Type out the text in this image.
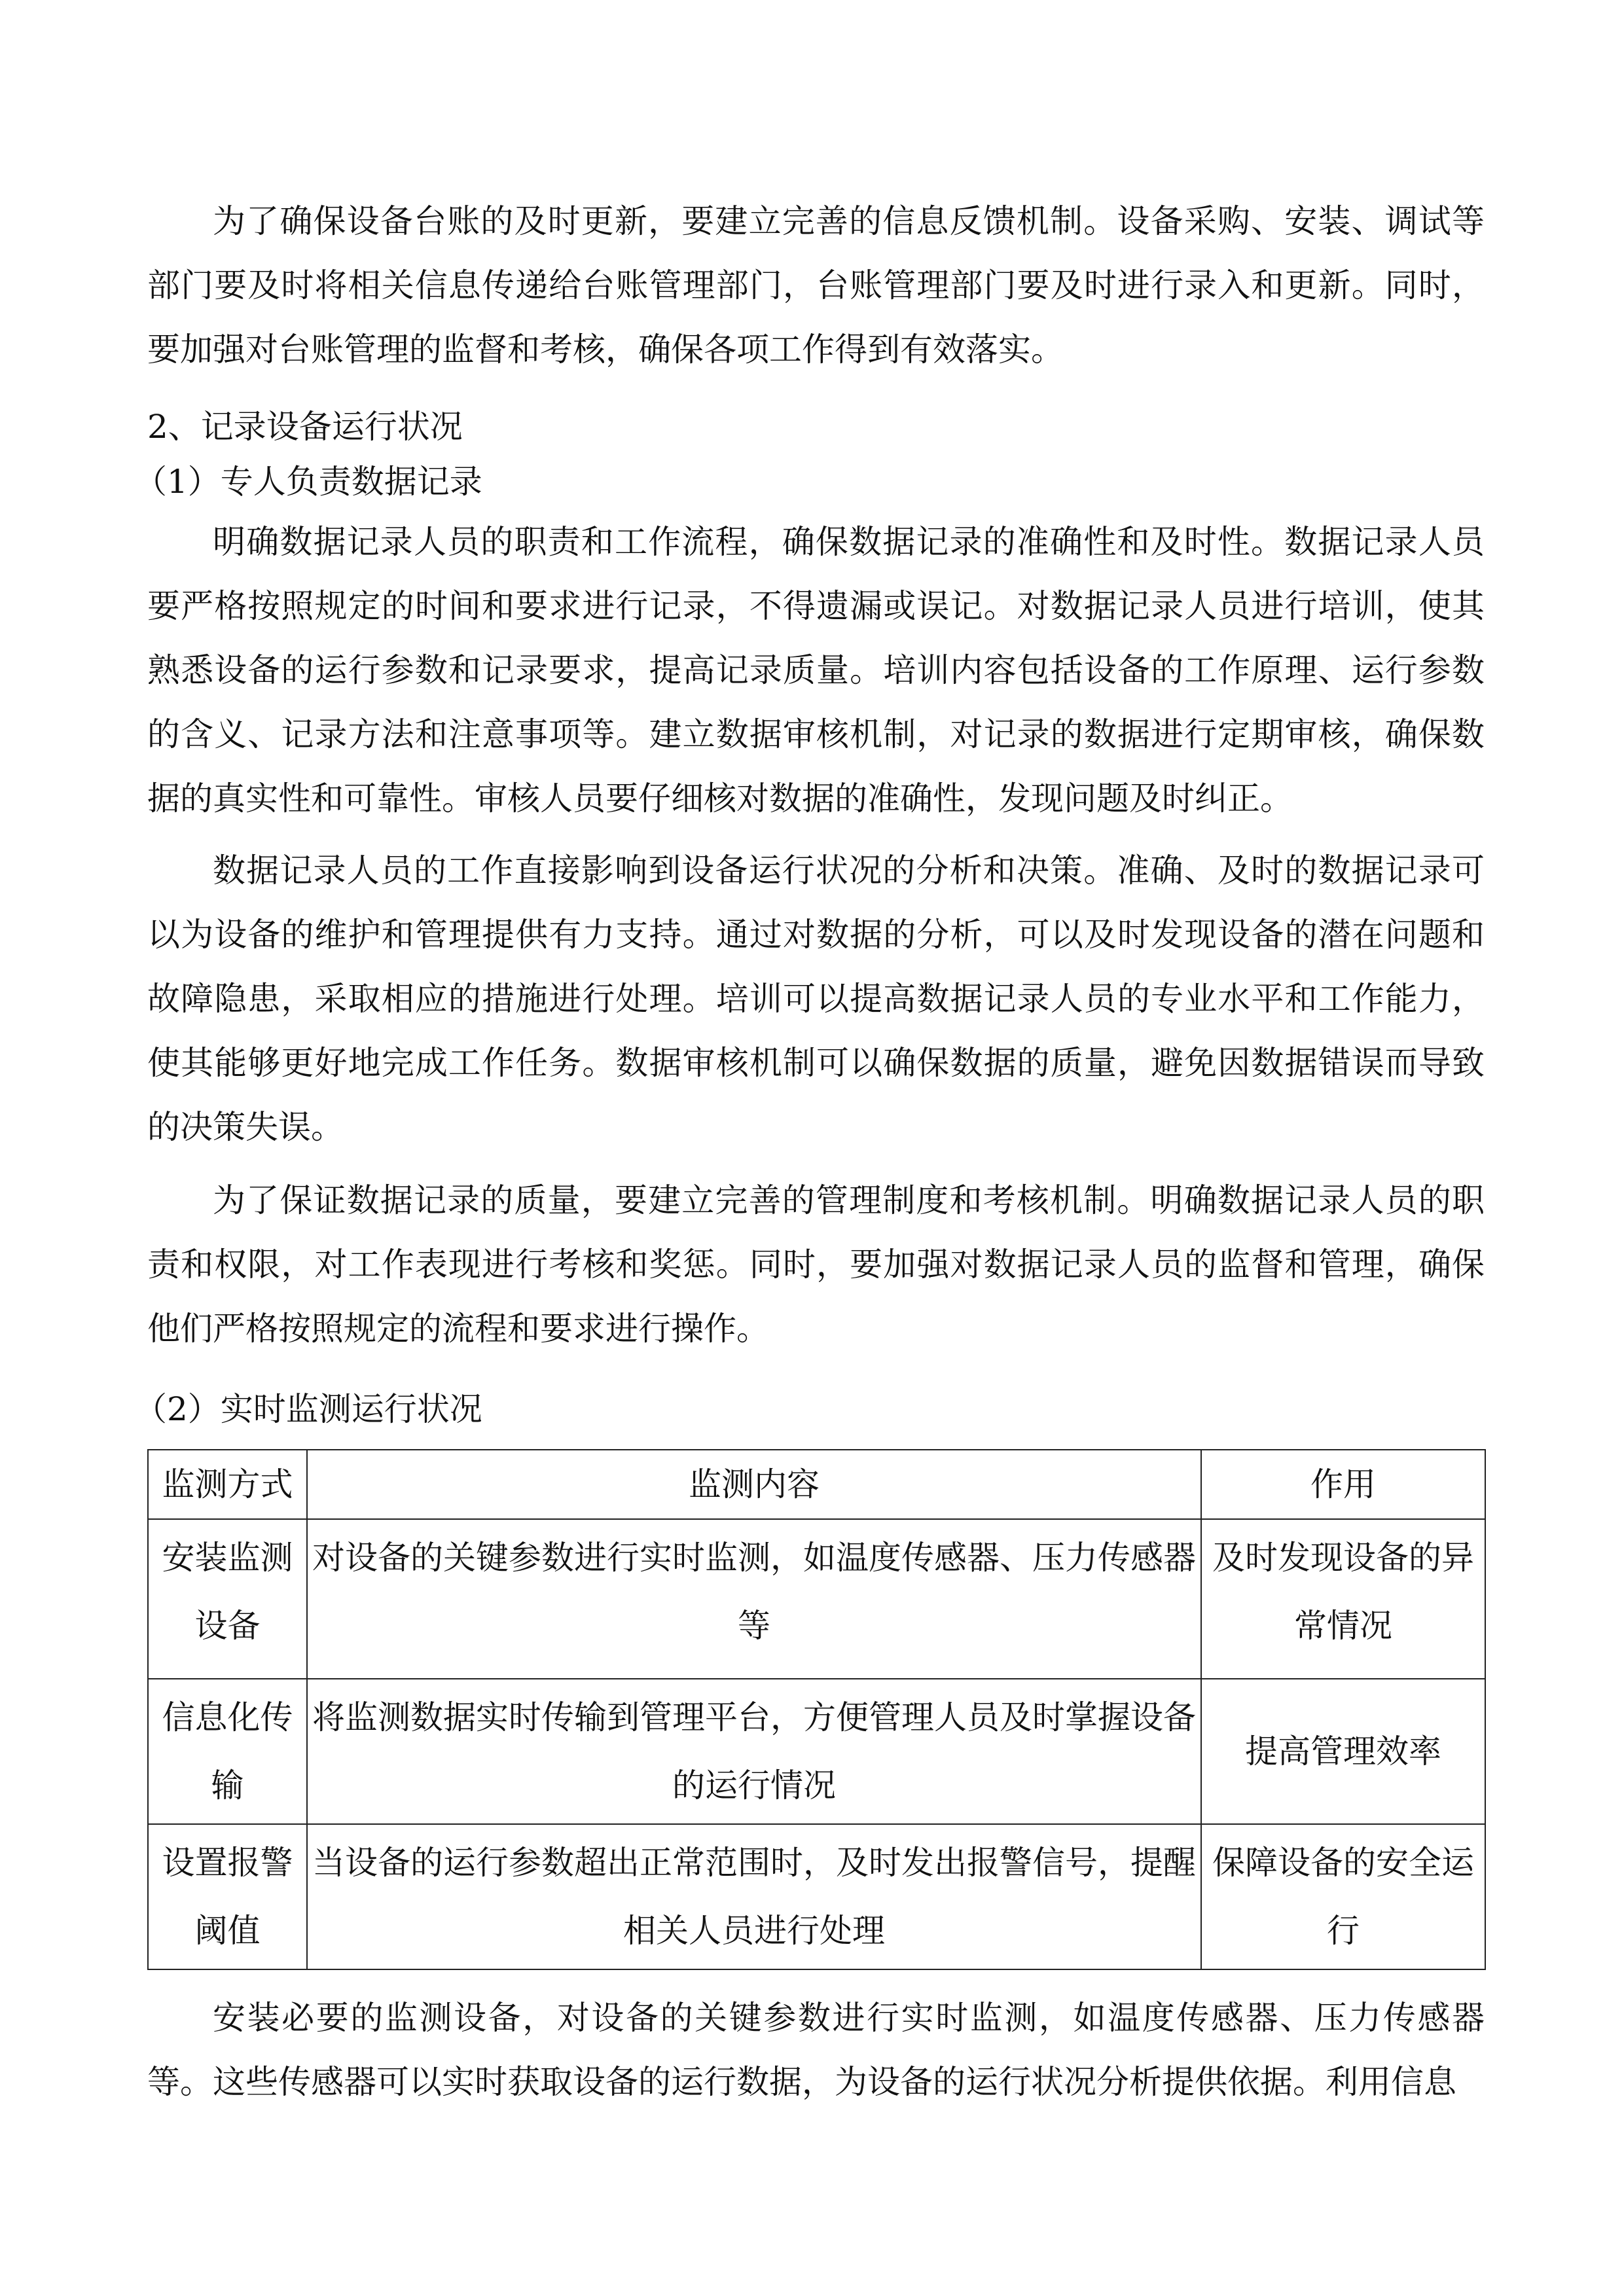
为了确保设备台账的及时更新，要建立完善的信息反馈机制。设备采购、安装、调试等部门要及时将相关信息传递给台账管理部门，台账管理部门要及时进行录入和更新。同时，要加强对台账管理的监督和考核，确保各项工作得到有效落实。
2、记录设备运行状况
（1）专人负责数据记录
明确数据记录人员的职责和工作流程，确保数据记录的准确性和及时性。数据记录人员要严格按照规定的时间和要求进行记录，不得遗漏或误记。对数据记录人员进行培训，使其熟悉设备的运行参数和记录要求，提高记录质量。培训内容包括设备的工作原理、运行参数的含义、记录方法和注意事项等。建立数据审核机制，对记录的数据进行定期审核，确保数据的真实性和可靠性。审核人员要仔细核对数据的准确性，发现问题及时纠正。
数据记录人员的工作直接影响到设备运行状况的分析和决策。准确、及时的数据记录可以为设备的维护和管理提供有力支持。通过对数据的分析，可以及时发现设备的潜在问题和故障隐患，采取相应的措施进行处理。培训可以提高数据记录人员的专业水平和工作能力，使其能够更好地完成工作任务。数据审核机制可以确保数据的质量，避免因数据错误而导致的决策失误。
为了保证数据记录的质量，要建立完善的管理制度和考核机制。明确数据记录人员的职责和权限，对工作表现进行考核和奖惩。同时，要加强对数据记录人员的监督和管理，确保他们严格按照规定的流程和要求进行操作。
（2）实时监测运行状况
监测方式	监测内容	作用
安装监测设备	对设备的关键参数进行实时监测，如温度传感器、压力传感器等	及时发现设备的异常情况
信息化传输	将监测数据实时传输到管理平台，方便管理人员及时掌握设备的运行情况	提高管理效率
设置报警阈值	当设备的运行参数超出正常范围时，及时发出报警信号，提醒相关人员进行处理	保障设备的安全运行
安装必要的监测设备，对设备的关键参数进行实时监测，如温度传感器、压力传感器等。这些传感器可以实时获取设备的运行数据，为设备的运行状况分析提供依据。利用信息
